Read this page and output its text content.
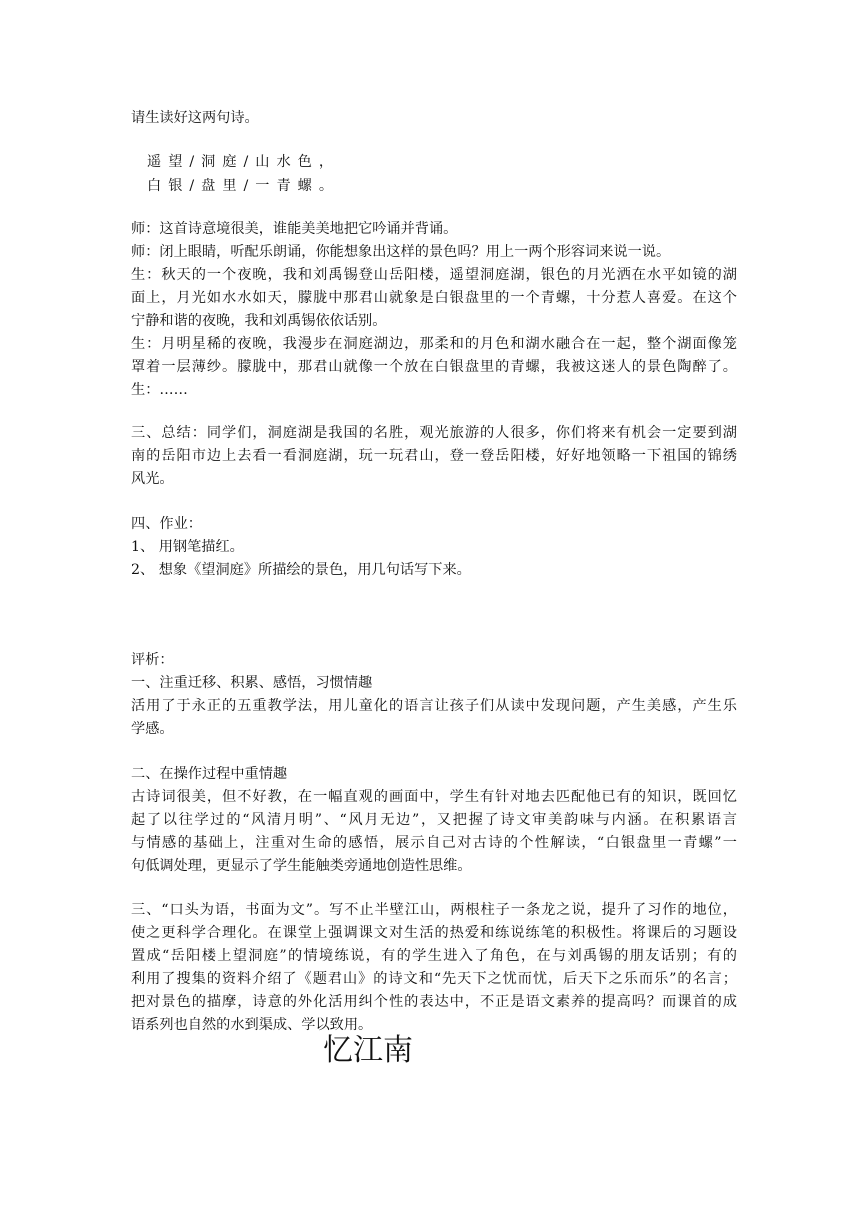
请生读好这两句诗。
遥望/洞庭/山水色，
白银/盘里/一青螺。
师：这首诗意境很美，谁能美美地把它吟诵并背诵。
师：闭上眼睛，听配乐朗诵，你能想象出这样的景色吗？用上一两个形容词来说一说。
生：秋天的一个夜晚，我和刘禹锡登山岳阳楼，遥望洞庭湖，银色的月光洒在水平如镜的湖
面上，月光如水水如天，朦胧中那君山就象是白银盘里的一个青螺，十分惹人喜爱。在这个
宁静和谐的夜晚，我和刘禹锡依依话别。
生：月明星稀的夜晚，我漫步在洞庭湖边，那柔和的月色和湖水融合在一起，整个湖面像笼
罩着一层薄纱。朦胧中，那君山就像一个放在白银盘里的青螺，我被这迷人的景色陶醉了。
生：……
三、总结：同学们，洞庭湖是我国的名胜，观光旅游的人很多，你们将来有机会一定要到湖
南的岳阳市边上去看一看洞庭湖，玩一玩君山，登一登岳阳楼，好好地领略一下祖国的锦绣
风光。
四、作业：
1、 用钢笔描红。
2、 想象《望洞庭》所描绘的景色，用几句话写下来。
评析：
一、注重迁移、积累、感悟，习惯情趣
活用了于永正的五重教学法，用儿童化的语言让孩子们从读中发现问题，产生美感，产生乐
学感。
二、在操作过程中重情趣
古诗词很美，但不好教，在一幅直观的画面中，学生有针对地去匹配他已有的知识，既回忆
起了以往学过的“风清月明”、“风月无边”，又把握了诗文审美韵味与内涵。在积累语言
与情感的基础上，注重对生命的感悟，展示自己对古诗的个性解读，“白银盘里一青螺”一
句低调处理，更显示了学生能触类旁通地创造性思维。
三、“口头为语，书面为文”。写不止半壁江山，两根柱子一条龙之说，提升了习作的地位，
使之更科学合理化。在课堂上强调课文对生活的热爱和练说练笔的积极性。将课后的习题设
置成“岳阳楼上望洞庭”的情境练说，有的学生进入了角色，在与刘禹锡的朋友话别；有的
利用了搜集的资料介绍了《题君山》的诗文和“先天下之忧而忧，后天下之乐而乐”的名言；
把对景色的描摩，诗意的外化活用纠个性的表达中，不正是语文素养的提高吗？而课首的成
语系列也自然的水到渠成、学以致用。
忆江南
